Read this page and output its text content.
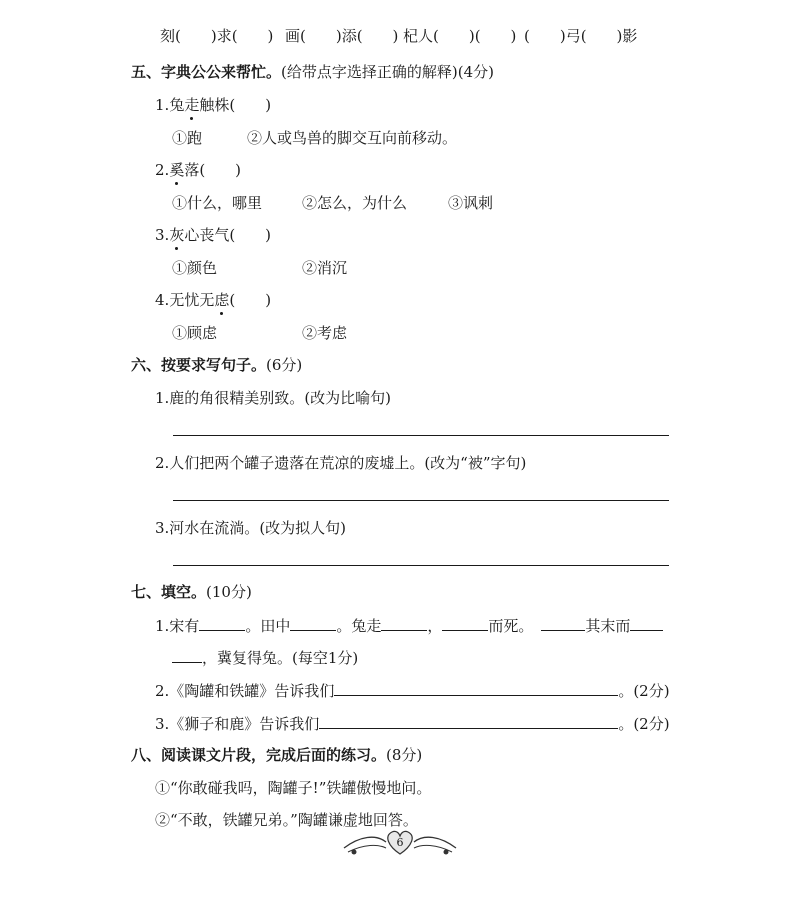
刻(　　)求(　　) 画(　　)添(　　) 杞人(　　)(　　) (　　)弓(　　)影
五、字典公公来帮忙。(给带点字选择正确的解释)(4分)
1.兔走触株(　　)
①跑	②人或鸟兽的脚交互向前移动。
2.奚落(　　)
①什么，哪里	②怎么，为什么	③讽刺
3.灰心丧气(　　)
①颜色	②消沉
4.无忧无虑(　　)
①顾虑	②考虑
六、按要求写句子。(6分)
1.鹿的角很精美别致。(改为比喻句)
2.人们把两个罐子遗落在荒凉的废墟上。(改为“被”字句)
3.河水在流淌。(改为拟人句)
七、填空。(10分)
1.宋有	。田中	。兔走	，	而死。	其末而
，冀复得兔。(每空1分)
2.《陶罐和铁罐》告诉我们	。(2分)
3.《狮子和鹿》告诉我们	。(2分)
八、阅读课文片段，完成后面的练习。(8分)
①“你敢碰我吗，陶罐子!”铁罐傲慢地问。
②“不敢，铁罐兄弟。”陶罐谦虚地回答。
6
